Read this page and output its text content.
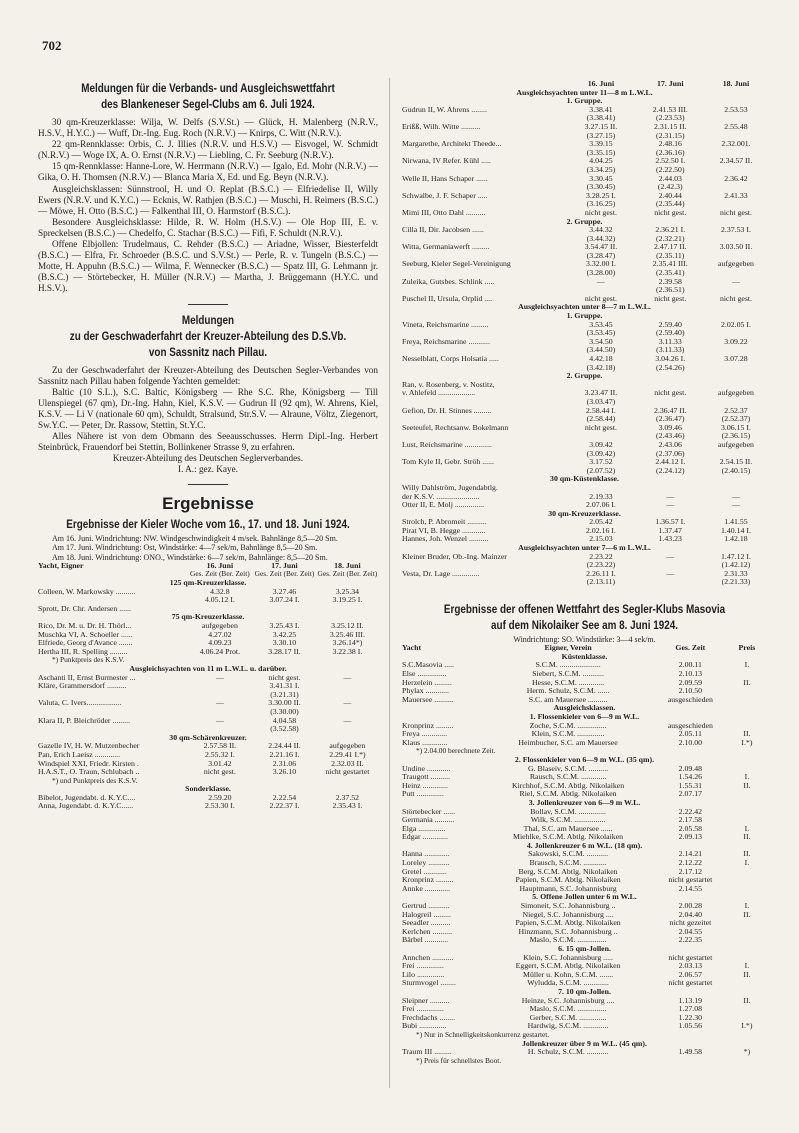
702
Meldungen für die Verbands- und Ausgleichswettfahrt
des Blankeneser Segel-Clubs am 6. Juli 1924.

30 qm-Kreuzerklasse: Wilja, W. Delfs (S.V.St.) — Glück, H. Malenberg (N.R.V., H.S.V., H.Y.C.) — Wuff, Dr.-Ing. Eug. Roch (N.R.V.) — Knirps, C. Witt (N.R.V.).

22 qm-Rennklasse: Orbis, C. J. Illies (N.R.V. und H.S.V.) — Eisvogel, W. Schmidt (N.R.V.) — Woge IX, A. O. Ernst (N.R.V.) — Liebling, C. Fr. Seeburg (N.R.V.).

15 qm-Rennklasse: Hanne-Lore, W. Herrmann (N.R.V.) — Igalo, Ed. Mohr (N.R.V.) — Gika, O. H. Thomsen (N.R.V.) — Blanca Maria X, Ed. und Eg. Beyn (N.R.V.).

Ausgleichsklassen: Sünnstrool, H. und O. Replat (B.S.C.) — Elfriedelise II, Willy Ewers (N.R.V. und K.Y.C.) — Ecknis, W. Rathjen (B.S.C.) — Muschi, H. Reimers (B.S.C.) — Möwe, H. Otto (B.S.C.) — Falkenthal III, O. Harmstorf (B.S.C.).

Besondere Ausgleichsklasse: Hilde, R. W. Holm (H.S.V.) — Ole Hop III, E. v. Spreckelsen (B.S.C.) — Chedelfo, C. Stachar (B.S.C.) — Fifi, F. Schuldt (N.R.V.).

Offene Elbjollen: Trudelmaus, C. Rehder (B.S.C.) — Ariadne, Wisser, Biesterfeldt (B.S.C.) — Elfra, Fr. Schroeder (B.S.C. und S.V.St.) — Perle, R. v. Tungeln (B.S.C.) — Motte, H. Appuhn (B.S.C.) — Wilma, F. Wennecker (B.S.C.) — Spatz III, G. Lehmann jr. (B.S.C.) — Störtebecker, H. Müller (N.R.V.) — Martha, J. Brüggemann (H.Y.C. und H.S.V.).

Meldungen
zu der Geschwaderfahrt der Kreuzer-Abteilung des D.S.Vb.
von Sassnitz nach Pillau.

Zu der Geschwaderfahrt der Kreuzer-Abteilung des Deutschen Segler-Verbandes von Sassnitz nach Pillau haben folgende Yachten gemeldet:

Baltic (10 S.L.), S.C. Baltic, Königsberg — Rhe S.C. Rhe, Königsberg — Till Ulenspiegel (67 qm), Dr.-Ing. Hahn, Kiel, K.S.V. — Gudrun II (92 qm), W. Ahrens, Kiel, K.S.V. — Li V (nationale 60 qm), Schuldt, Stralsund, Str.S.V. — Alraune, Völtz, Ziegenort, Sw.Y.C. — Peter, Dr. Rassow, Stettin, St.Y.C.

Alles Nähere ist von dem Obmann des Seeausschusses. Herrn Dipl.-Ing. Herbert Steinbrück, Frauendorf bei Stettin, Bollinkener Strasse 9, zu erfahren.

Kreuzer-Abteilung des Deutschen Seglerverbandes.

I. A.: gez. Kaye.

Ergebnisse
Ergebnisse der Kieler Woche vom 16., 17. und 18. Juni 1924.

Am 16. Juni. Windrichtung: NW. Windgeschwindigkeit 4 m/sek. Bahnlänge 8,5—20 Sm.

Am 17. Juni. Windrichtung: Ost, Windstärke: 4—7 sek/m, Bahnlänge 8,5—20 Sm.

Am 18. Juni. Windrichtung: ONO., Windstärke: 6—7 sek/m, Bahnlänge: 8,5—20 Sm.

Yacht, Eigner	16. Juni	17. Juni	18. Juni
	Ges. Zeit (Ber. Zeit)	Ges. Zeit (Ber. Zeit)	Ges. Zeit (Ber. Zeit)
125 qm-Kreuzerklasse.			
Colleen, W. Markowsky ..........	4.32.8	3.27.46	3.25.34
	4.05.12 I.	3.07.24 I.	3.19.25 I.
Sprott, Dr. Chr. Andersen ......			
75 qm-Kreuzerklasse.			
Rico, Dr. M. u. Dr. H. Thörl...	aufgegeben	3.25.43 I.	3.25.12 II.
Muschka VI, A. Schoeller ......	4.27.02	3.42.25	3.25.46 III.
Elfriede, Georg d'Avance .......	4.09.23	3.30.10	3.26.14*)
Hertha III, R. Spelling .........	4.06.24 Prot.	3.28.17 II.	3.22.38 I.
*) Punktpreis des K.S.V.			
Ausgleichsyachten von 11 m L.W.L. u. darüber.			
Aschanti II, Ernst Burmester ...	—	nicht gest.	—
Kläre, Grammersdorf ..........		3.41.31 I.	
		(3.21.31)	
Valuta, C. Ivers..................	—	3.30.00 II.	—
		(3.30.00)	
Klara II, P. Bleichröder .........	—	4.04.58	—
		(3.52.58)	
30 qm-Schärenkreuzer.			
Gazelle IV, H. W. Mutzenbecher	2.57.58 II.	2.24.44 II.	aufgegeben
Pan, Erich Laeisz .............	2.55.32 I.	2.21.16 I.	2.29.41 I.*)
Windspiel XXI, Friedr. Kirsten .	3.01.42	2.31.06	2.32.03 II.
H.A.S.T., O. Traun, Schlubach ..	nicht gest.	3.26.10	nicht gestartet
*) und Punktpreis des K.S.V.			
Sonderklasse.			
Bibelot, Jugendabt. d. K.Y.C....	2.59.20	2.22.54	2.37.52
Anna, Jugendabt. d. K.Y.C......	2.53.30 I.	2.22.37 I.	2.35.43 I.
	16. Juni	17. Juni	18. Juni
Ausgleichsyachten unter 11—8 m L.W.L.			
1. Gruppe.			
Gudrun II, W. Ahrens ........	3.38.41	2.41.53 III.	2.53.53
	(3.38.41)	(2.23.53)	
Erißß, Wilh. Witte ..........	3.27.15 II.	2.31.15 II.	2.55.48
	(3.27.15)	(2.31.15)	
Margarethe, Architekt Theede...	3.39.15	2.48.16	2.32.001.
	(3.35.15)	(2.36.16)	
Nirwana, IV Refer. Kühl .....	4.04.25	2.52.50 I.	2.34.57 II.
	(3.34.25)	(2.22.50)	
Welle II, Hans Schaper ......	3.30.45	2.44.03	2.36.42
	(3.30.45)	(2.42.3)	
Schwalbe, J. F. Schaper .....	3.28.25 I.	2.40.44	2.41.33
	(3.16.25)	(2.35.44)	
Mimi III, Otto Dahl ..........	nicht gest.	nicht gest.	nicht gest.
2. Gruppe.			
Cilla II, Dir. Jacobsen ......	3.44.32	2.36.21 I.	2.37.53 I.
	(3.44.32)	(2.32.21)	
Witta, Germaniawerft .........	3.54.47 II.	2.47.17 II.	3.03.50 II.
	(3.28.47)	(2.35.11)	
Seeburg, Kieler Segel-Vereinigung	3.32.00 I.	2.35.41 III.	aufgegeben
	(3.28.00)	(2.35.41)	
Zuleika, Gutsbes. Schlink .....	—	2.39.58	—
		(2.36.51)	
Puschel II, Ursula, Orplid ....	nicht gest.	nicht gest.	nicht gest.
Ausgleichsyachten unter 8—7 m L.W.L.			
1. Gruppe.			
Vineta, Reichsmarine .........	3.53.45	2.59.40	2.02.05 I.
	(3.53.45)	(2.59.40)	
Freya, Reichsmarine ...........	3.54.50	3.11.33	3.09.22
	(3.44.50)	(3.11.33)	
Nesselblatt, Corps Holsatia .....	4.42.18	3.04.26 I.	3.07.28
	(3.42.18)	(2.54.26)	
2. Gruppe.			
Ran, v. Rosenberg, v. Nostitz,			
v. Ahlefeld ...................	3.23.47 II.	nicht gest.	aufgegeben
	(3.03.47)		
Gefion, Dr. H. Stinnes .........	2.58.44 I.	2.36.47 II.	2.52.37
	(2.58.44)	(2.36.47)	(2.52.37)
Seeteufel, Rechtsanw. Bokelmann	nicht gest.	3.09.46	3.06.15 I.
		(2.43.46)	(2.36.15)
Lust, Reichsmarine ..............	3.09.42	2.43.06	aufgegeben
	(3.09.42)	(2.37.06)	
Tom Kyle II, Gebr. Ströh ......	3.17.52	2.44.12 I.	2.54.15 II.
	(2.07.52)	(2.24.12)	(2.40.15)
30 qm-Küstenklasse.			
Willy Dahlström, Jugendabtlg.			
der K.S.V. ......................	2.19.33	—	—
Otter II, E. Molj ...............	2.07.06 I.	—	—
30 qm-Kreuzerklasse.			
Strolch, P. Abromeit ..........	2.05.42	1.36.57 I.	1.41.55
Pirat VI, B. Hegge ............	2.02.16 I.	1.37.47	1.40.14 I.
Hannes, Joh. Wenzel ..........	2.15.03	1.43.23	1.42.18
Ausgleichsyachten unter 7—6 m L.W.L.			
Kleiner Bruder, Ob.-Ing. Mainzer	2.23.22	—	1.47.12 I.
	(2.23.22)		(1.42.12)
Vesta, Dr. Lage ..............	2.26.11 I.	—	2.31.33
	(2.13.11)		(2.21.33)
Ergebnisse der offenen Wettfahrt des Segler-Klubs Masovia
auf dem Nikolaiker See am 8. Juni 1924.

Windrichtung: SO. Windstärke: 3—4 sek/m.

Yacht	Eigner, Verein	Ges. Zeit	Preis
Küstenklasse.			
S.C.Masovia .....	S.C.M. .....................	2.00.11	I.
Else ...............	Siebert, S.C.M. ...........	2.10.13	
Herzelein .........	Hesse, S.C.M. .............	2.09.59	II.
Phylax ............	Herm. Schulz, S.C.M. ......	2.10.50	
Mauersee ..........	S.C. am Mauersee ..........	ausgeschieden	
Ausgleichsklassen.			
1. Flossenkieler von 6—9 m W.L.			
Kronprinz .........	Zoche, S.C.M. ...............	ausgeschieden	
Freya .............	Klein, S.C.M. ..............	2.05.11	II.
Klaus .............	Heimbucher, S.C. am Mauersee	2.10.00	I.*)
*) 2.04.00 berechnete Zeit.			
2. Flossenkieler von 6—9 m W.L. (35 qm).			
Undine ............	G. Blaseiv, S.C.M. ..........	2.09.48	
Traugott ..........	Rausch, S.C.M. .............	1.54.26	I.
Heinz .............	Kirchhof, S.C.M. Abtlg. Nikolaiken	1.55.31	II.
Putt ..............	Riel, S.C.M. Abtlg. Nikolaiken	2.07.17	
3. Jollenkreuzer von 6—9 m W.L.			
Störtebecker ......	Bollav, S.C.M. ..............	2.22.42	
Germania ..........	Wilk, S.C.M. ................	2.17.58	
Elga ..............	Thal, S.C. am Mauersee ......	2.05.58	I.
Edgar .............	Miehlke, S.C.M. Abtlg. Nikolaiken	2.09.13	II.
4. Jollenkreuzer 6 m W.L. (18 qm).			
Hanna .............	Sakowski, S.C.M. ...........	2.14.21	II.
Loreley ...........	Brausch, S.C.M. ............	2.12.22	I.
Gretel ............	Berg, S.C.M. Abtlg. Nikolaiken	2.17.12	
Kronprinz .........	Papien, S.C.M. Abtlg. Nikolaiken	nicht gestartet	
Annke .............	Hauptmann, S.C. Johannisburg	2.14.55	
5. Offene Jollen unter 6 m W.L.			
Gertrud ...........	Simoneit, S.C. Johannisburg ..	2.00.28	I.
Halogreil .........	Niegel, S.C. Johannisburg ....	2.04.40	II.
Seeadler ..........	Papien, S.C.M. Abtlg. Nikolaiken	nicht gezeitet	
Kerlchen ..........	Hinzmann, S.C. Johannisburg ..	2.04.55	
Bärbel ............	Maslo, S.C.M. ...............	2.22.35	
6. 15 qm-Jollen.			
Annchen ...........	Klein, S.C. Johannisburg .....	nicht gestartet	
Frei ..............	Eggert, S.C.M. Abtlg. Nikolaiken	2.03.13	I.
Lilo ..............	Müller u. Kohn, S.C.M. .......	2.06.57	II.
Sturmvogel ........	Wyludda, S.C.M. .............	nicht gestartet	
7. 10 qm-Jollen.			
Sleipner ..........	Heinze, S.C. Johannisburg ....	1.13.19	II.
Frei ..............	Maslo, S.C.M. ...............	1.27.08	
Frechdachs ........	Gerber, S.C.M. ..............	1.22.30	
Bubi ..............	Hardwig, S.C.M. .............	1.05.56	I.*)
*) Nur in Schnelligkeitskonkurrenz gestartet.			
Jollenkreuzer über 9 m W.L. (45 qm).			
Traum III .........	H. Schulz, S.C.M. ...........	1.49.58	*)
*) Preis für schnellstes Boot.			
